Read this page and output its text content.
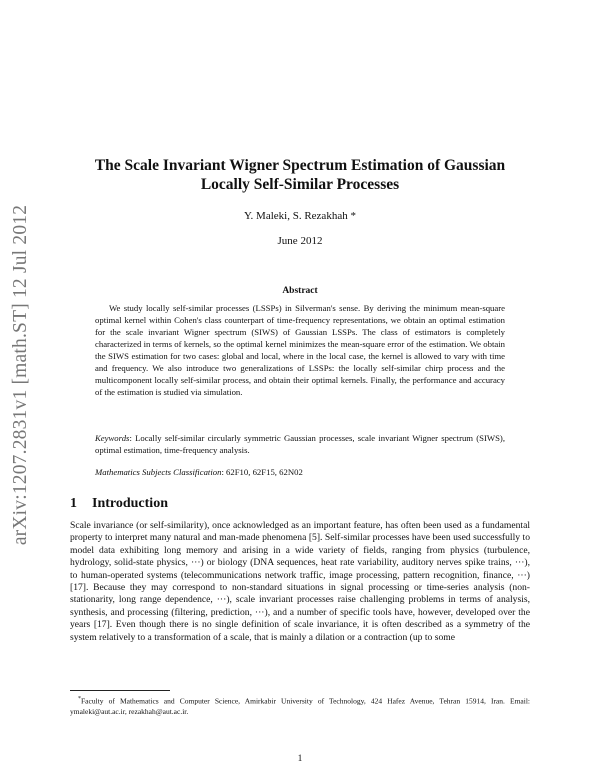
arXiv:1207.2831v1 [math.ST] 12 Jul 2012
The Scale Invariant Wigner Spectrum Estimation of Gaussian Locally Self-Similar Processes
Y. Maleki, S. Rezakhah *
June 2012
Abstract
We study locally self-similar processes (LSSPs) in Silverman's sense. By deriving the minimum mean-square optimal kernel within Cohen's class counterpart of time-frequency representations, we obtain an optimal estimation for the scale invariant Wigner spectrum (SIWS) of Gaussian LSSPs. The class of estimators is completely characterized in terms of kernels, so the optimal kernel minimizes the mean-square error of the estimation. We obtain the SIWS estimation for two cases: global and local, where in the local case, the kernel is allowed to vary with time and frequency. We also introduce two generalizations of LSSPs: the locally self-similar chirp process and the multicomponent locally self-similar process, and obtain their optimal kernels. Finally, the performance and accuracy of the estimation is studied via simulation.
Keywords: Locally self-similar circularly symmetric Gaussian processes, scale invariant Wigner spectrum (SIWS), optimal estimation, time-frequency analysis.
Mathematics Subjects Classification: 62F10, 62F15, 62N02
1 Introduction
Scale invariance (or self-similarity), once acknowledged as an important feature, has often been used as a fundamental property to interpret many natural and man-made phenomena [5]. Self-similar processes have been used successfully to model data exhibiting long memory and arising in a wide variety of fields, ranging from physics (turbulence, hydrology, solid-state physics, ···) or biology (DNA sequences, heat rate variability, auditory nerves spike trains, ···), to human-operated systems (telecommunications network traffic, image processing, pattern recognition, finance, ···) [17]. Because they may correspond to non-standard situations in signal processing or time-series analysis (non-stationarity, long range dependence, ···), scale invariant processes raise challenging problems in terms of analysis, synthesis, and processing (filtering, prediction, ···), and a number of specific tools have, however, developed over the years [17]. Even though there is no single definition of scale invariance, it is often described as a symmetry of the system relatively to a transformation of a scale, that is mainly a dilation or a contraction (up to some
*Faculty of Mathematics and Computer Science, Amirkabir University of Technology, 424 Hafez Avenue, Tehran 15914, Iran. Email: ymaleki@aut.ac.ir, rezakhah@aut.ac.ir.
1
